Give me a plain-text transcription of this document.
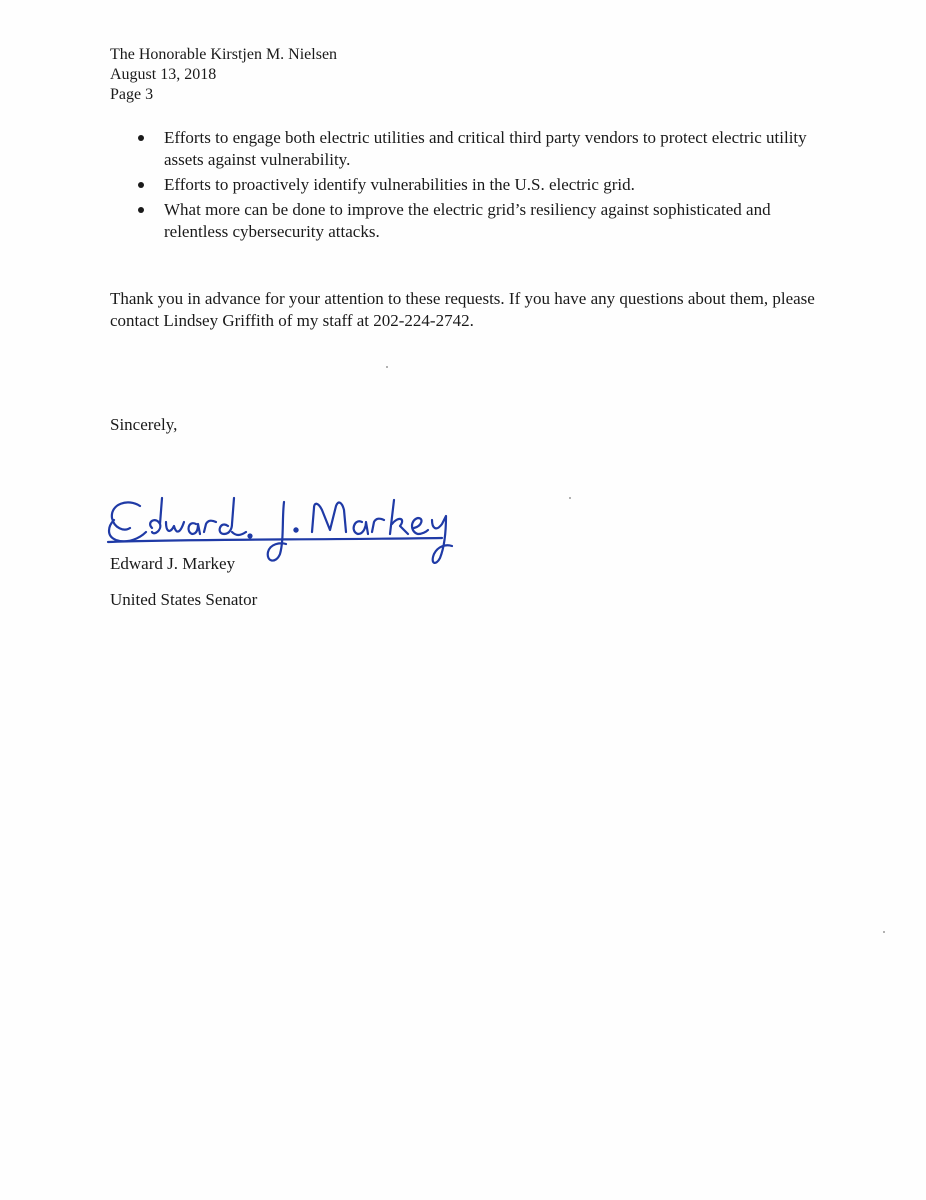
The Honorable Kirstjen M. Nielsen
August 13, 2018
Page 3
Efforts to engage both electric utilities and critical third party vendors to protect electric utility assets against vulnerability.
Efforts to proactively identify vulnerabilities in the U.S. electric grid.
What more can be done to improve the electric grid’s resiliency against sophisticated and relentless cybersecurity attacks.

Thank you in advance for your attention to these requests. If you have any questions about them, please contact Lindsey Griffith of my staff at 202-224-2742.

Sincerely,

Edward J. Markey

United States Senator
